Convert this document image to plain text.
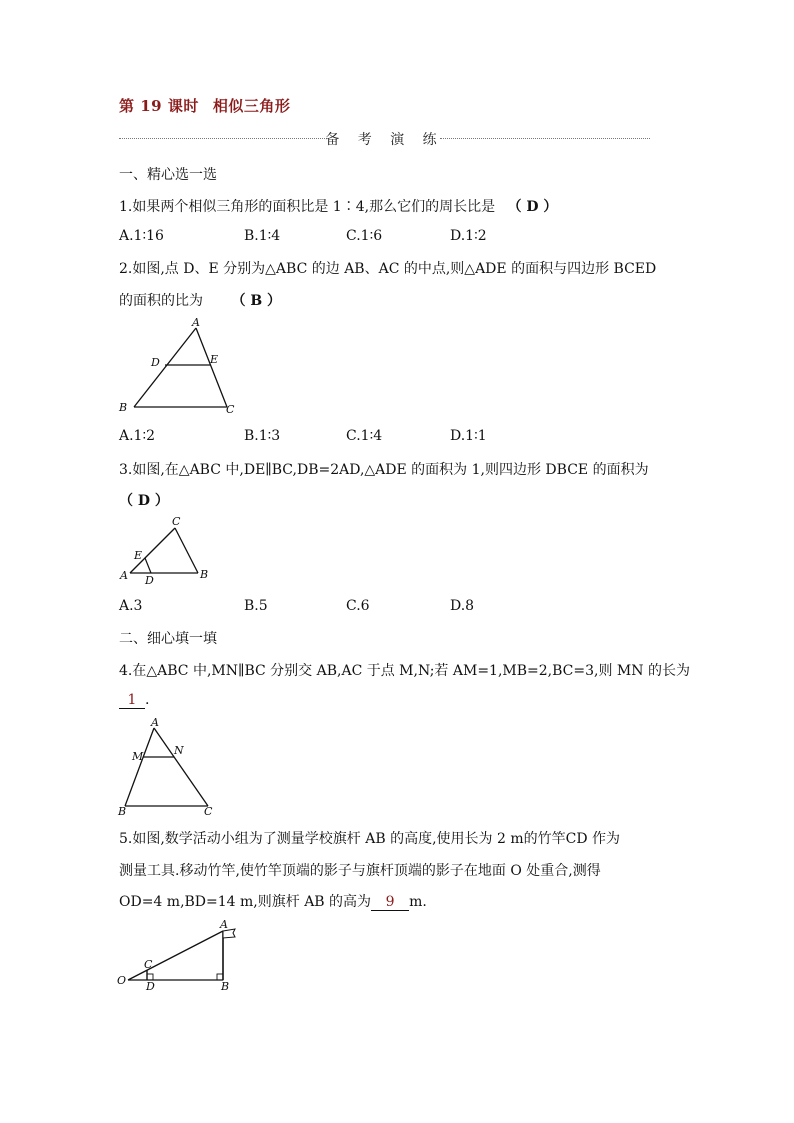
第 19 课时 相似三角形
备 考 演 练
一、精心选一选
1.如果两个相似三角形的面积比是 1∶4,那么它们的周长比是 （ D ）
A.1∶16	B.1∶4	C.1∶6	D.1∶2
2.如图,点 D、E 分别为△ABC 的边 AB、AC 的中点,则△ADE 的面积与四边形 BCED
的面积的比为 （ B ）
A
D	E
B	C
A.1∶2	B.1∶3	C.1∶4	D.1∶1
3.如图,在△ABC 中,DE∥BC,DB=2AD,△ADE 的面积为 1,则四边形 DBCE 的面积为
（ D ）
C
E
A D	B
A.3	B.5	C.6	D.8
二、细心填一填
4.在△ABC 中,MN∥BC 分别交 AB,AC 于点 M,N;若 AM=1,MB=2,BC=3,则 MN 的长为
1 .
A
M	N
B	C
5.如图,数学活动小组为了测量学校旗杆 AB 的高度,使用长为 2 m的竹竿CD 作为
测量工具.移动竹竿,使竹竿顶端的影子与旗杆顶端的影子在地面 O 处重合,测得
OD=4 m,BD=14 m,则旗杆 AB 的高为 9 m.
A
C
O D	B
